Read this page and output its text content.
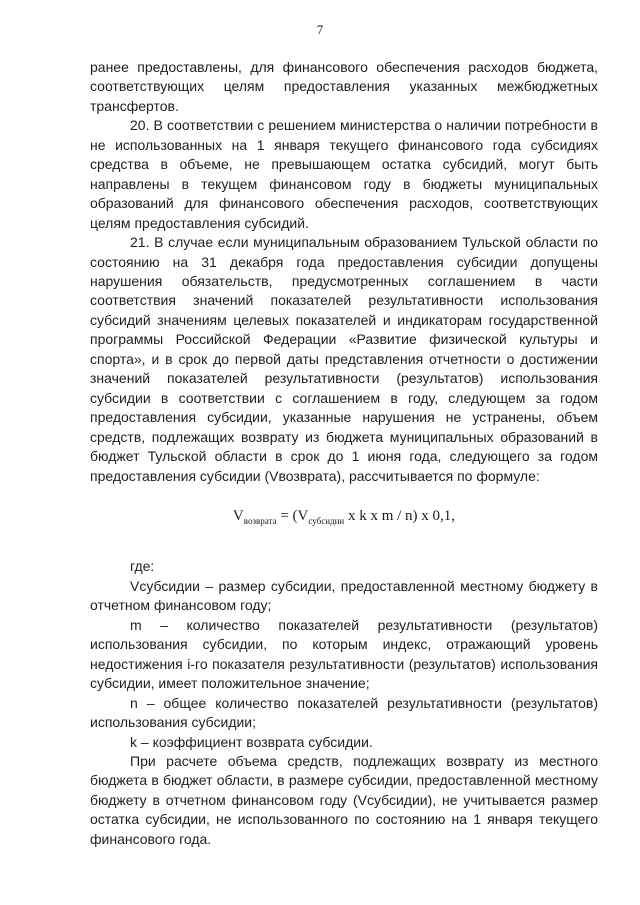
7

ранее предоставлены, для финансового обеспечения расходов бюджета, соответствующих целям предоставления указанных межбюджетных трансфертов.

20. В соответствии с решением министерства о наличии потребности в не использованных на 1 января текущего финансового года субсидиях средства в объеме, не превышающем остатка субсидий, могут быть направлены в текущем финансовом году в бюджеты муниципальных образований для финансового обеспечения расходов, соответствующих целям предоставления субсидий.

21. В случае если муниципальным образованием Тульской области по состоянию на 31 декабря года предоставления субсидии допущены нарушения обязательств, предусмотренных соглашением в части соответствия значений показателей результативности использования субсидий значениям целевых показателей и индикаторам государственной программы Российской Федерации «Развитие физической культуры и спорта», и в срок до первой даты представления отчетности о достижении значений показателей результативности (результатов) использования субсидии в соответствии с соглашением в году, следующем за годом предоставления субсидии, указанные нарушения не устранены, объем средств, подлежащих возврату из бюджета муниципальных образований в бюджет Тульской области в срок до 1 июня года, следующего за годом предоставления субсидии (Vвозврата), рассчитывается по формуле:

$V_{возврата} = (V_{субсидии}$ x k x m / n) x 0,1,

где:

Vсубсидии – размер субсидии, предоставленной местному бюджету в отчетном финансовом году;

m – количество показателей результативности (результатов) использования субсидии, по которым индекс, отражающий уровень недостижения i-го показателя результативности (результатов) использования субсидии, имеет положительное значение;

n – общее количество показателей результативности (результатов) использования субсидии;

k – коэффициент возврата субсидии.

При расчете объема средств, подлежащих возврату из местного бюджета в бюджет области, в размере субсидии, предоставленной местному бюджету в отчетном финансовом году (Vсубсидии), не учитывается размер остатка субсидии, не использованного по состоянию на 1 января текущего финансового года.
